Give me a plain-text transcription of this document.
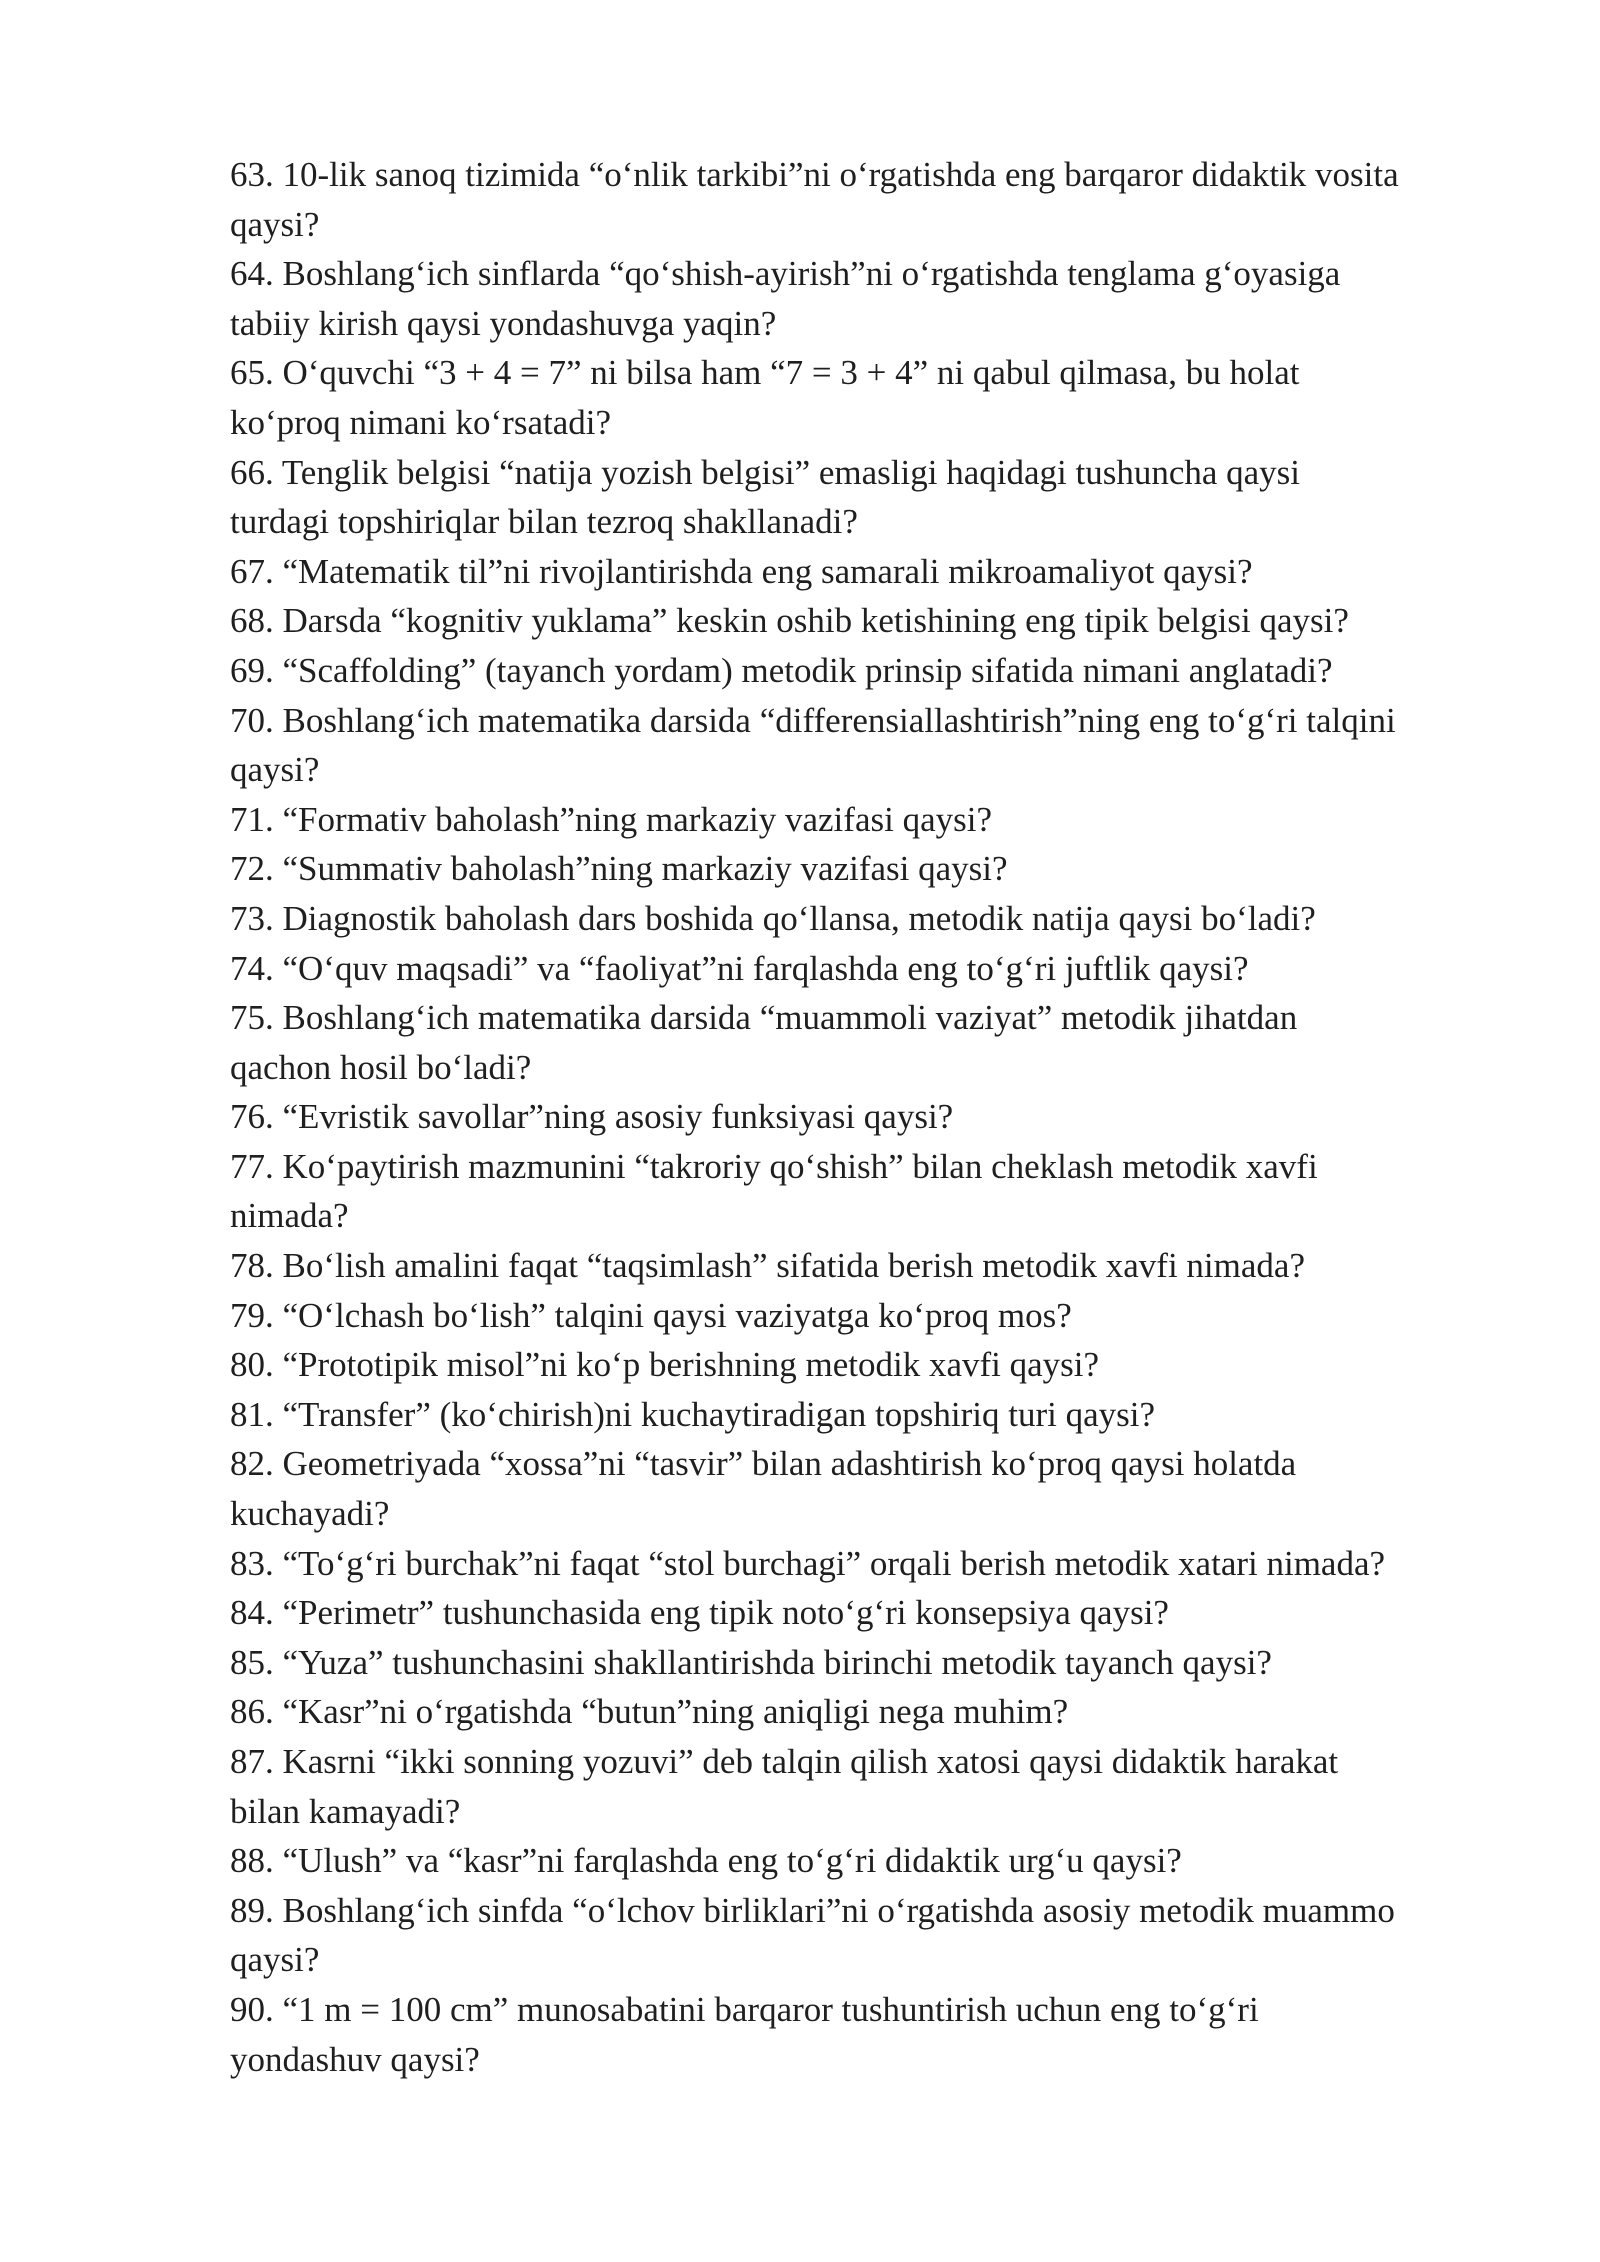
63. 10-lik sanoq tizimida “o‘nlik tarkibi”ni o‘rgatishda eng barqaror didaktik vosita
qaysi?
64. Boshlang‘ich sinflarda “qo‘shish-ayirish”ni o‘rgatishda tenglama g‘oyasiga
tabiiy kirish qaysi yondashuvga yaqin?
65. O‘quvchi “3 + 4 = 7” ni bilsa ham “7 = 3 + 4” ni qabul qilmasa, bu holat
ko‘proq nimani ko‘rsatadi?
66. Tenglik belgisi “natija yozish belgisi” emasligi haqidagi tushuncha qaysi
turdagi topshiriqlar bilan tezroq shakllanadi?
67. “Matematik til”ni rivojlantirishda eng samarali mikroamaliyot qaysi?
68. Darsda “kognitiv yuklama” keskin oshib ketishining eng tipik belgisi qaysi?
69. “Scaffolding” (tayanch yordam) metodik prinsip sifatida nimani anglatadi?
70. Boshlang‘ich matematika darsida “differensiallashtirish”ning eng to‘g‘ri talqini
qaysi?
71. “Formativ baholash”ning markaziy vazifasi qaysi?
72. “Summativ baholash”ning markaziy vazifasi qaysi?
73. Diagnostik baholash dars boshida qo‘llansa, metodik natija qaysi bo‘ladi?
74. “O‘quv maqsadi” va “faoliyat”ni farqlashda eng to‘g‘ri juftlik qaysi?
75. Boshlang‘ich matematika darsida “muammoli vaziyat” metodik jihatdan
qachon hosil bo‘ladi?
76. “Evristik savollar”ning asosiy funksiyasi qaysi?
77. Ko‘paytirish mazmunini “takroriy qo‘shish” bilan cheklash metodik xavfi
nimada?
78. Bo‘lish amalini faqat “taqsimlash” sifatida berish metodik xavfi nimada?
79. “O‘lchash bo‘lish” talqini qaysi vaziyatga ko‘proq mos?
80. “Prototipik misol”ni ko‘p berishning metodik xavfi qaysi?
81. “Transfer” (ko‘chirish)ni kuchaytiradigan topshiriq turi qaysi?
82. Geometriyada “xossa”ni “tasvir” bilan adashtirish ko‘proq qaysi holatda
kuchayadi?
83. “To‘g‘ri burchak”ni faqat “stol burchagi” orqali berish metodik xatari nimada?
84. “Perimetr” tushunchasida eng tipik noto‘g‘ri konsepsiya qaysi?
85. “Yuza” tushunchasini shakllantirishda birinchi metodik tayanch qaysi?
86. “Kasr”ni o‘rgatishda “butun”ning aniqligi nega muhim?
87. Kasrni “ikki sonning yozuvi” deb talqin qilish xatosi qaysi didaktik harakat
bilan kamayadi?
88. “Ulush” va “kasr”ni farqlashda eng to‘g‘ri didaktik urg‘u qaysi?
89. Boshlang‘ich sinfda “o‘lchov birliklari”ni o‘rgatishda asosiy metodik muammo
qaysi?
90. “1 m = 100 cm” munosabatini barqaror tushuntirish uchun eng to‘g‘ri
yondashuv qaysi?
